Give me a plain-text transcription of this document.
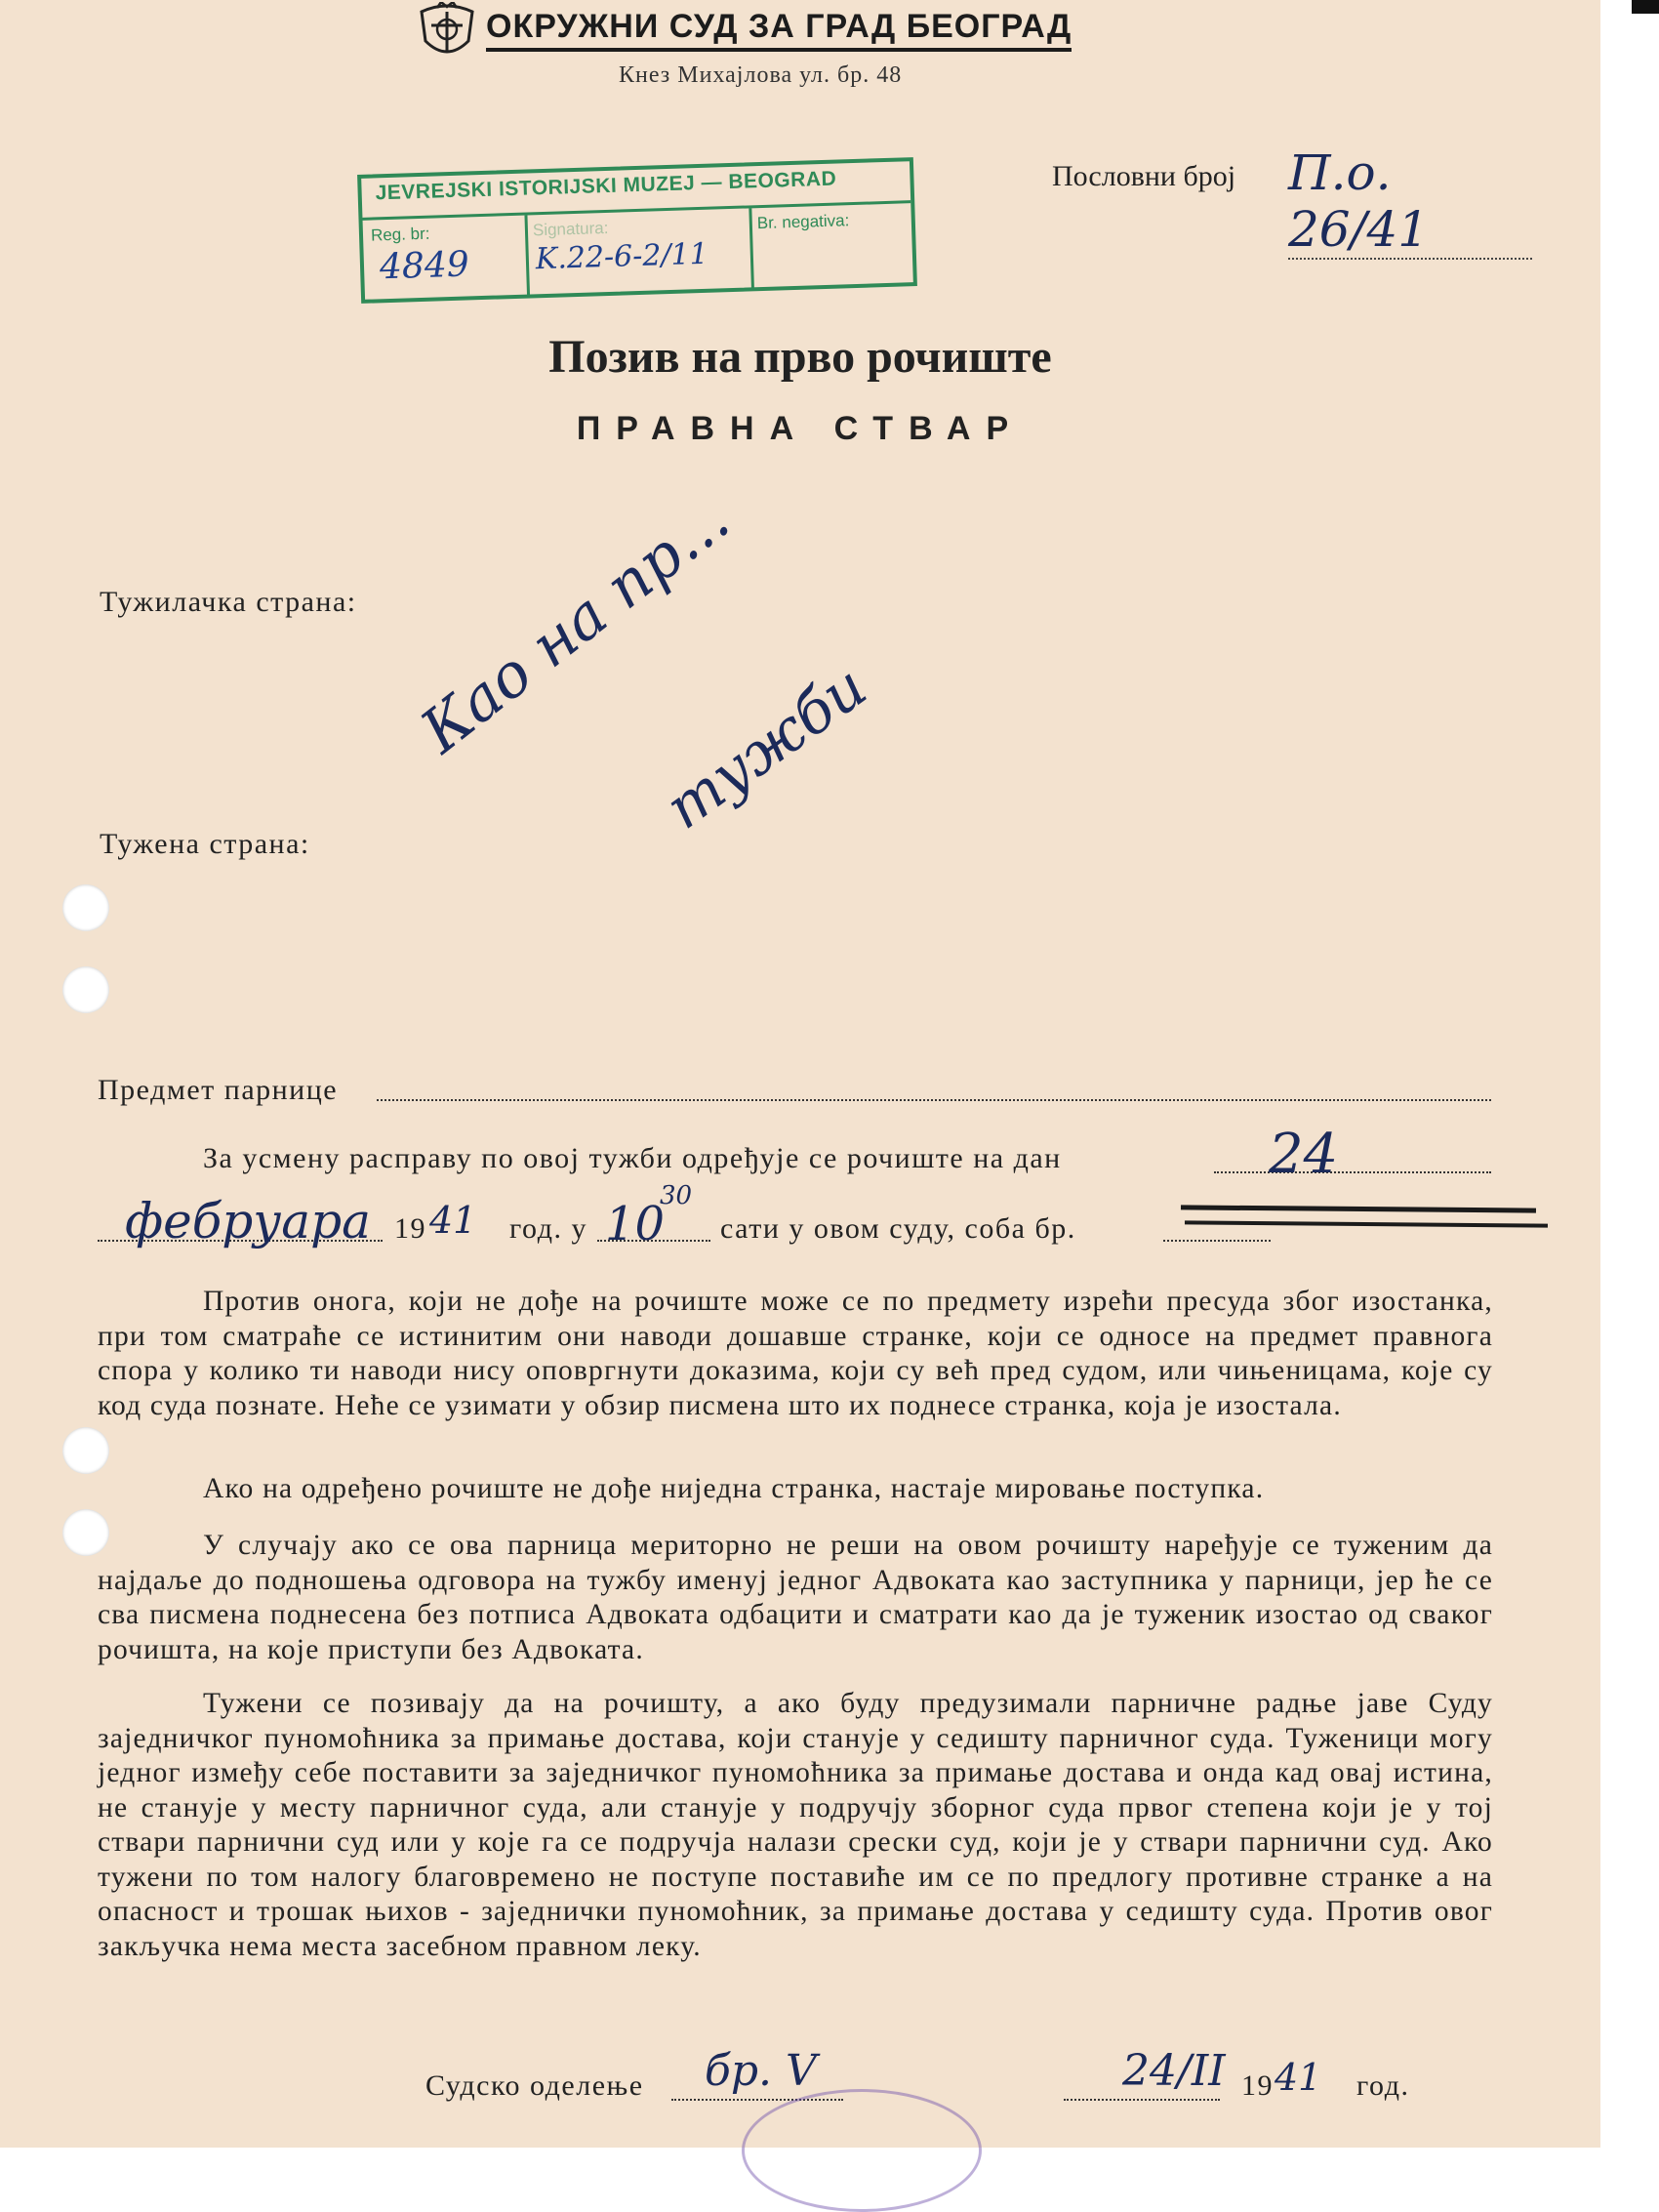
ОКРУЖНИ СУД ЗА ГРАД БЕОГРАД
Кнез Михајлова ул. бр. 48
JEVREJSKI ISTORIJSKI MUZEJ — BEOGRAD
Reg. br:
4849
Signatura:
K.22-6-2/11
Br. negativa:
Пословни број П.о. 26/41
Позив на прво рочиште
ПРАВНА СТВАР
Тужилачка страна:
Тужена страна:
Као на пр...
тужби
Предмет парнице
За усмену расправу по овој тужби одређује се рочиште на дан	24
фебруара 19 41 год. у 10
30
сати у овом суду, соба бр.
Против онога, који не дође на рочиште може се по предмету изрећи пресуда због изостанка, при том сматраће се истинитим они наводи дошавше странке, који се односе на предмет правнога спора у колико ти наводи нису оповргнути доказима, који су већ пред судом, или чињеницама, које су код суда познате. Неће се узимати у обзир писмена што их поднесе странка, која је изостала.
Ако на одређено рочиште не дође ниједна странка, настаје мировање поступка.
У случају ако се ова парница мериторно не реши на овом рочишту наређује се туженим да најдаље до подношења одговора на тужбу именуј једног Адвоката као заступника у парници, јер ће се сва писмена поднесена без потписа Адвоката одбацити и сматрати као да је туженик изостао од сваког рочишта, на које приступи без Адвоката.
Тужени се позивају да на рочишту, а ако буду предузимали парничне радње јаве Суду заједничког пуномоћника за примање достава, који станује у седишту парничног суда. Туженици могу једног између себе поставити за заједничког пуномоћника за примање достава и онда кад овај истина, не станује у месту парничног суда, али станује у подручју зборног суда првог степена који је у тој ствари парнични суд или у које га се подручја налази срески суд, који је у ствари парнични суд. Ако тужени по том налогу благовремено не поступе поставиће им се по предлогу противне странке а на опасност и трошак њихов - заједнички пуномоћник, за примање достава у седишту суда. Против овог закључка нема места засебном правном леку.
Судско оделење бр. V	24/II 19 41 год.
